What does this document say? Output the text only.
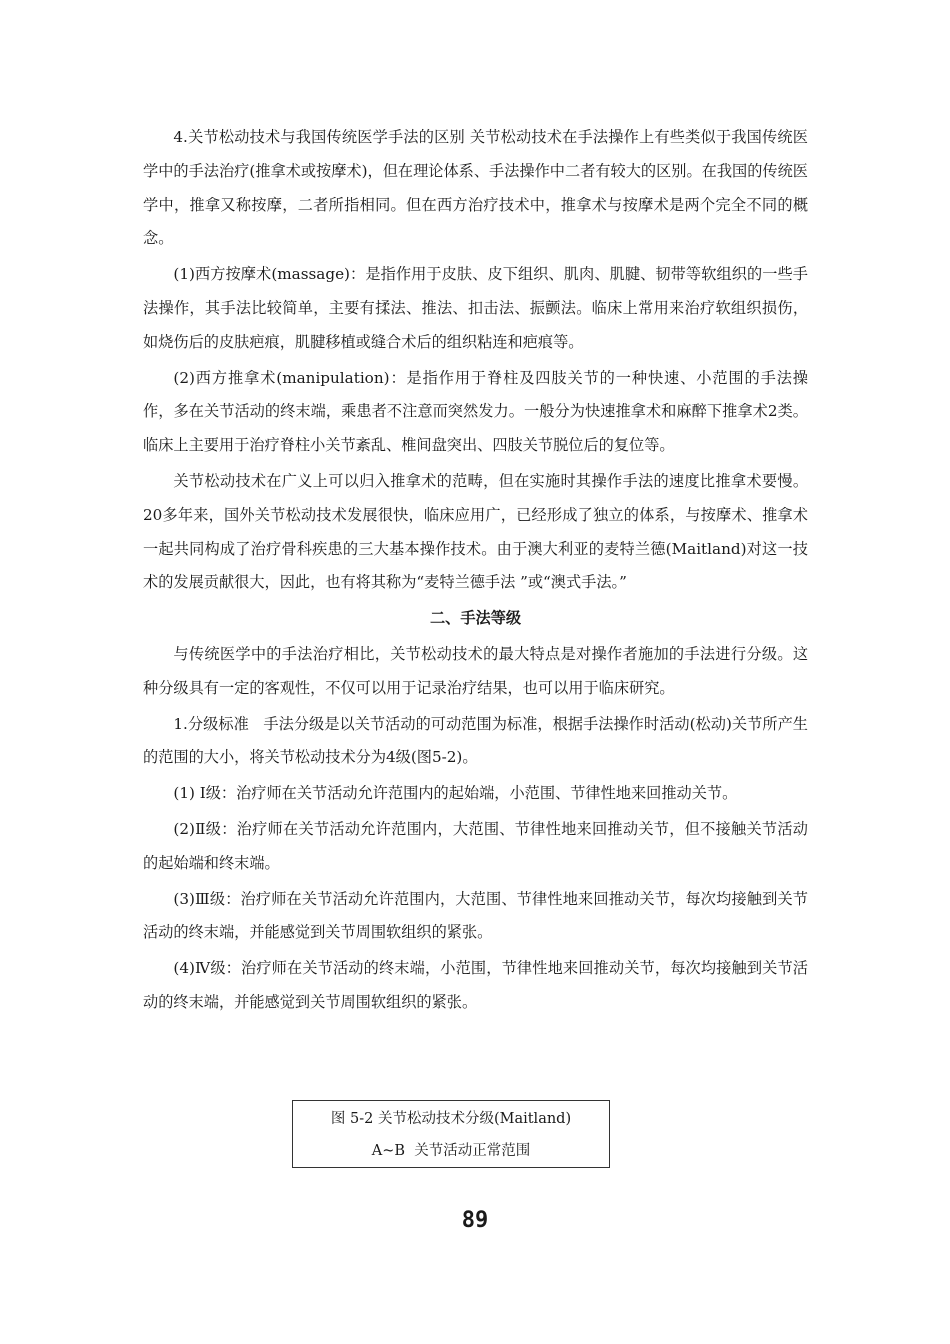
4.关节松动技术与我国传统医学手法的区别 关节松动技术在手法操作上有些类似于我国传统医学中的手法治疗(推拿术或按摩术)，但在理论体系、手法操作中二者有较大的区别。在我国的传统医学中，推拿又称按摩，二者所指相同。但在西方治疗技术中，推拿术与按摩术是两个完全不同的概念。

(1)西方按摩术(massage)：是指作用于皮肤、皮下组织、肌肉、肌腱、韧带等软组织的一些手法操作，其手法比较简单，主要有揉法、推法、扣击法、振颤法。临床上常用来治疗软组织损伤，如烧伤后的皮肤疤痕，肌腱移植或缝合术后的组织粘连和疤痕等。

(2)西方推拿术(manipulation)：是指作用于脊柱及四肢关节的一种快速、小范围的手法操作，多在关节活动的终末端，乘患者不注意而突然发力。一般分为快速推拿术和麻醉下推拿术2类。临床上主要用于治疗脊柱小关节紊乱、椎间盘突出、四肢关节脱位后的复位等。

关节松动技术在广义上可以归入推拿术的范畴，但在实施时其操作手法的速度比推拿术要慢。20多年来，国外关节松动技术发展很快，临床应用广，已经形成了独立的体系，与按摩术、推拿术一起共同构成了治疗骨科疾患的三大基本操作技术。由于澳大利亚的麦特兰德(Maitland)对这一技术的发展贡献很大，因此，也有将其称为“麦特兰德手法 ”或“澳式手法。”

二、手法等级

与传统医学中的手法治疗相比，关节松动技术的最大特点是对操作者施加的手法进行分级。这种分级具有一定的客观性，不仅可以用于记录治疗结果，也可以用于临床研究。

1.分级标准   手法分级是以关节活动的可动范围为标准，根据手法操作时活动(松动)关节所产生的范围的大小，将关节松动技术分为4级(图5-2)。

(1) Ⅰ级：治疗师在关节活动允许范围内的起始端，小范围、节律性地来回推动关节。

(2)Ⅱ级：治疗师在关节活动允许范围内，大范围、节律性地来回推动关节，但不接触关节活动的起始端和终末端。

(3)Ⅲ级：治疗师在关节活动允许范围内，大范围、节律性地来回推动关节，每次均接触到关节活动的终末端，并能感觉到关节周围软组织的紧张。

(4)Ⅳ级：治疗师在关节活动的终末端，小范围，节律性地来回推动关节，每次均接触到关节活动的终末端，并能感觉到关节周围软组织的紧张。

图 5-2 关节松动技术分级(Maitland)
A~B  关节活动正常范围
89
